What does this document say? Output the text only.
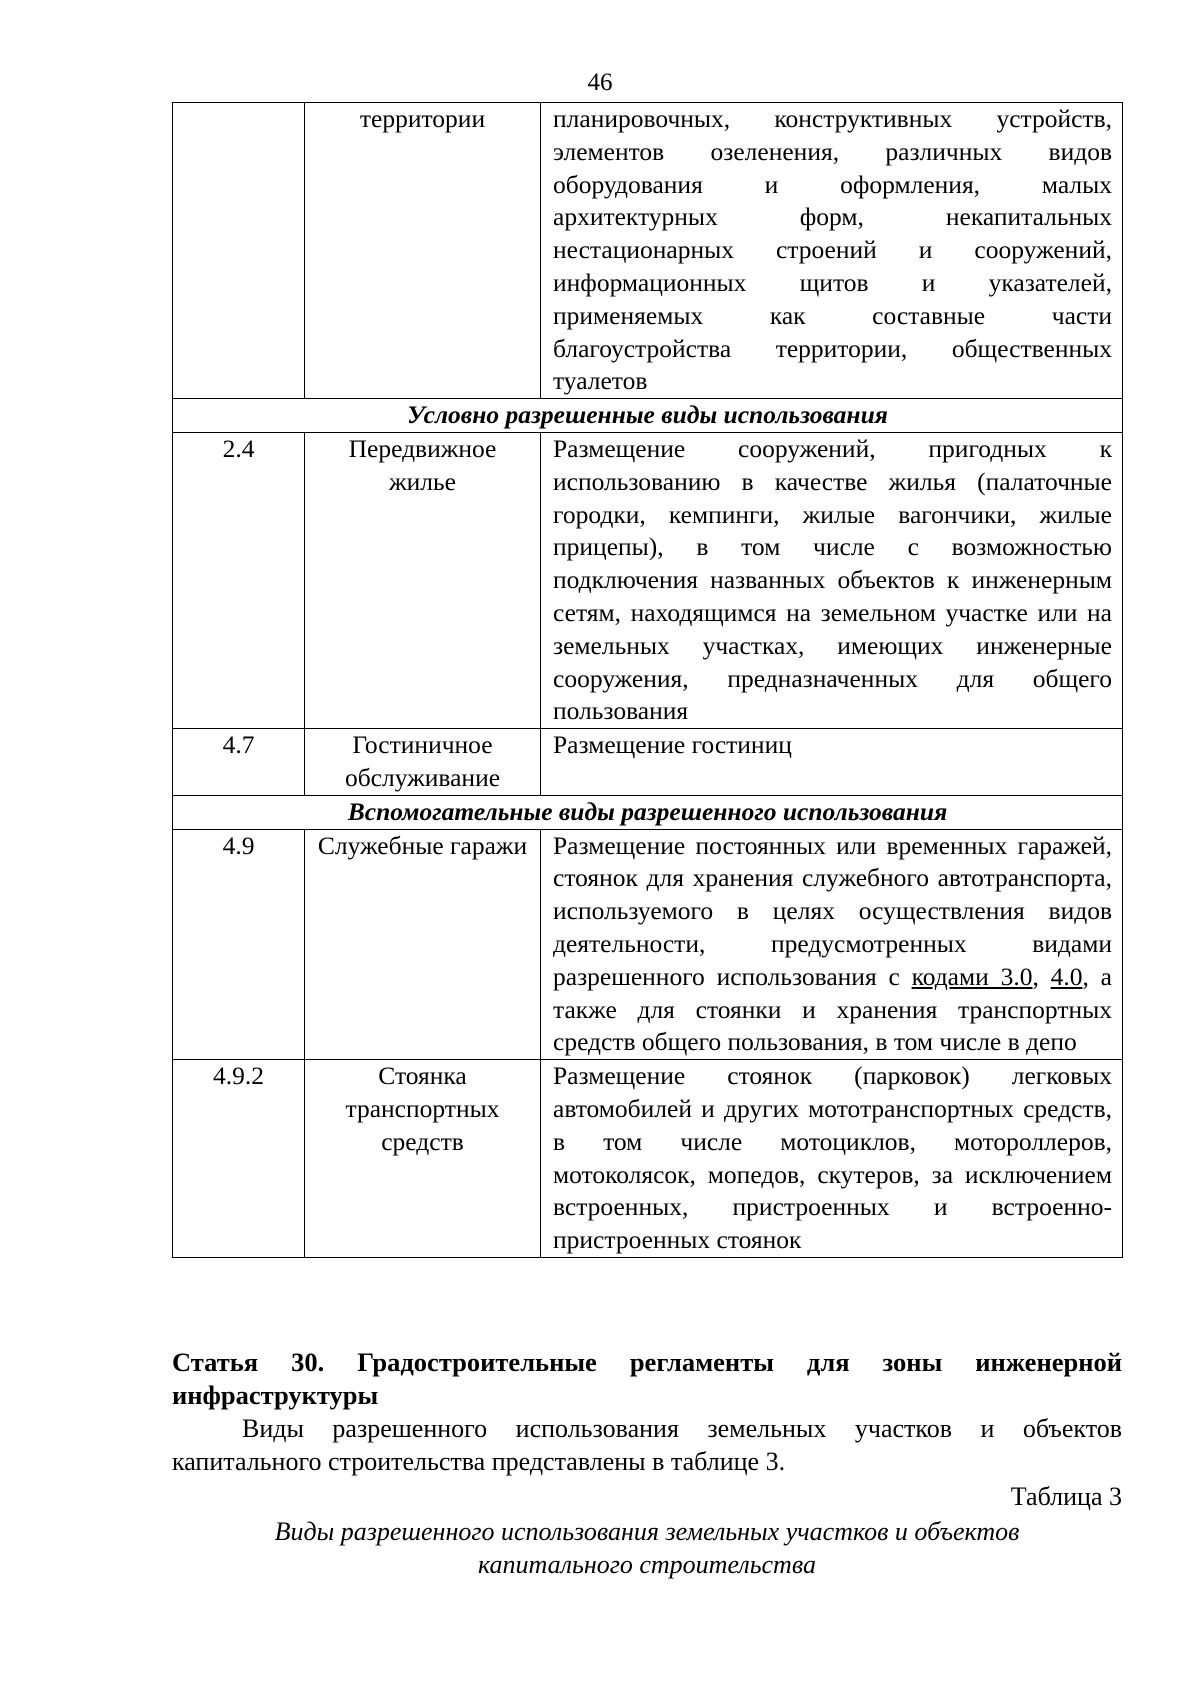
46
	территории	планировочных, конструктивных устройств, элементов озеленения, различных видов оборудования и оформления, малых архитектурных форм, некапитальных нестационарных строений и сооружений, информационных щитов и указателей, применяемых как составные части благоустройства территории, общественных туалетов
Условно разрешенные виды использования		
2.4	Передвижное жилье	Размещение сооружений, пригодных к использованию в качестве жилья (палаточные городки, кемпинги, жилые вагончики, жилые прицепы), в том числе с возможностью подключения названных объектов к инженерным сетям, находящимся на земельном участке или на земельных участках, имеющих инженерные сооружения, предназначенных для общего пользования
4.7	Гостиничное обслуживание	Размещение гостиниц
Вспомогательные виды разрешенного использования		
4.9	Служебные гаражи	Размещение постоянных или временных гаражей, стоянок для хранения служебного автотранспорта, используемого в целях осуществления видов деятельности, предусмотренных видами разрешенного использования с кодами 3.0, 4.0, а также для стоянки и хранения транспортных средств общего пользования, в том числе в депо
4.9.2	Стоянка транспортных средств	Размещение стоянок (парковок) легковых автомобилей и других мототранспортных средств, в том числе мотоциклов, мотороллеров, мотоколясок, мопедов, скутеров, за исключением встроенных, пристроенных и встроенно-пристроенных стоянок
Статья 30. Градостроительные регламенты для зоны инженерной инфраструктуры
Виды разрешенного использования земельных участков и объектов капитального строительства представлены в таблице 3.
Таблица 3
Виды разрешенного использования земельных участков и объектов
капитального строительства
